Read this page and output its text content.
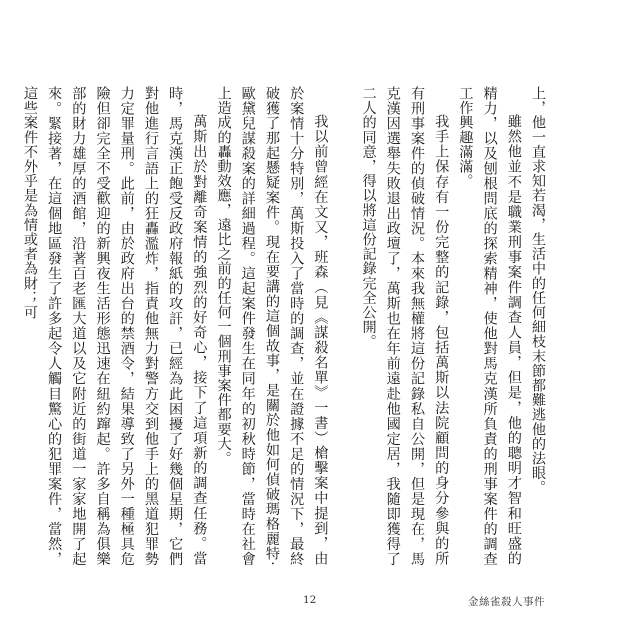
上，他一直求知若渴，生活中的任何細枝末節都難逃他的法眼。

雖然他並不是職業刑事案件調查人員，但是，他的聰明才智和旺盛的精力，以及刨根問底的探索精神，使他對馬克漢所負責的刑事案件的調查工作興趣滿滿。

我手上保存有一份完整的記錄，包括萬斯以法院顧問的身分參與的所有刑事案件的偵破情況。本來我無權將這份記錄私自公開，但是現在，馬克漢因選舉失敗退出政壇了，萬斯也在年前遠赴他國定居，我隨即獲得了二人的同意，得以將這份記錄完全公開。

我以前曾經在文又，班森（見《謀殺名單》一書）槍擊案中提到，由於案情十分特別，萬斯投入了當時的調查，並在證據不足的情況下，最終破獲了那起懸疑案件。現在要講的這個故事，是關於他如何偵破瑪格麗特·歐黛兒謀殺案的詳細過程。這起案件發生在同年的初秋時節，當時在社會上造成的轟動效應，遠比之前的任何一個刑事案件都要大。

萬斯出於對離奇案情的強烈的好奇心，接下了這項新的調查任務。當時，馬克漢正飽受反政府報紙的攻訐，已經為此困擾了好幾個星期，它們對他進行言語上的狂轟濫炸，指責他無力對警方交到他手上的黑道犯罪勢力定罪量刑。此前，由於政府出台的禁酒令，結果導致了另外一種極具危險但卻完全不受歡迎的新興夜生活形態迅速在紐約蹿起。許多自稱為俱樂部的財力雄厚的酒館，沿著百老匯大道以及它附近的街道一家家地開了起來。緊接著，在這個地區發生了許多起令人觸目驚心的犯罪案件，當然，這些案件不外乎是為情或者為財；可

12	金絲雀殺人事件
